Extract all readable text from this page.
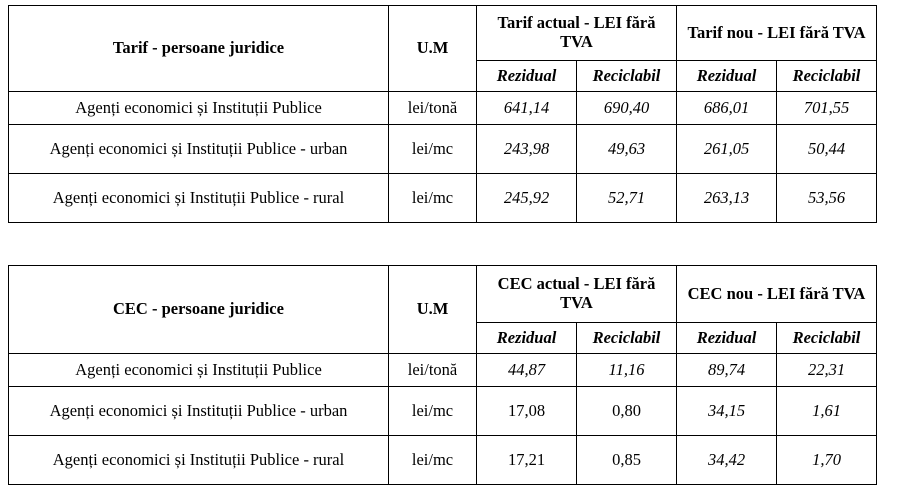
Tarif - persoane juridice	U.M	Tarif actual - LEI fără TVA		Tarif nou - LEI fără TVA	
		Rezidual	Reciclabil	Rezidual	Reciclabil
Agenți economici și Instituții Publice	lei/tonă	641,14	690,40	686,01	701,55
Agenți economici și Instituții Publice - urban	lei/mc	243,98	49,63	261,05	50,44
Agenți economici și Instituții Publice - rural	lei/mc	245,92	52,71	263,13	53,56
CEC - persoane juridice	U.M	CEC actual - LEI fără TVA		CEC nou - LEI fără TVA	
		Rezidual	Reciclabil	Rezidual	Reciclabil
Agenți economici și Instituții Publice	lei/tonă	44,87	11,16	89,74	22,31
Agenți economici și Instituții Publice - urban	lei/mc	17,08	0,80	34,15	1,61
Agenți economici și Instituții Publice - rural	lei/mc	17,21	0,85	34,42	1,70
